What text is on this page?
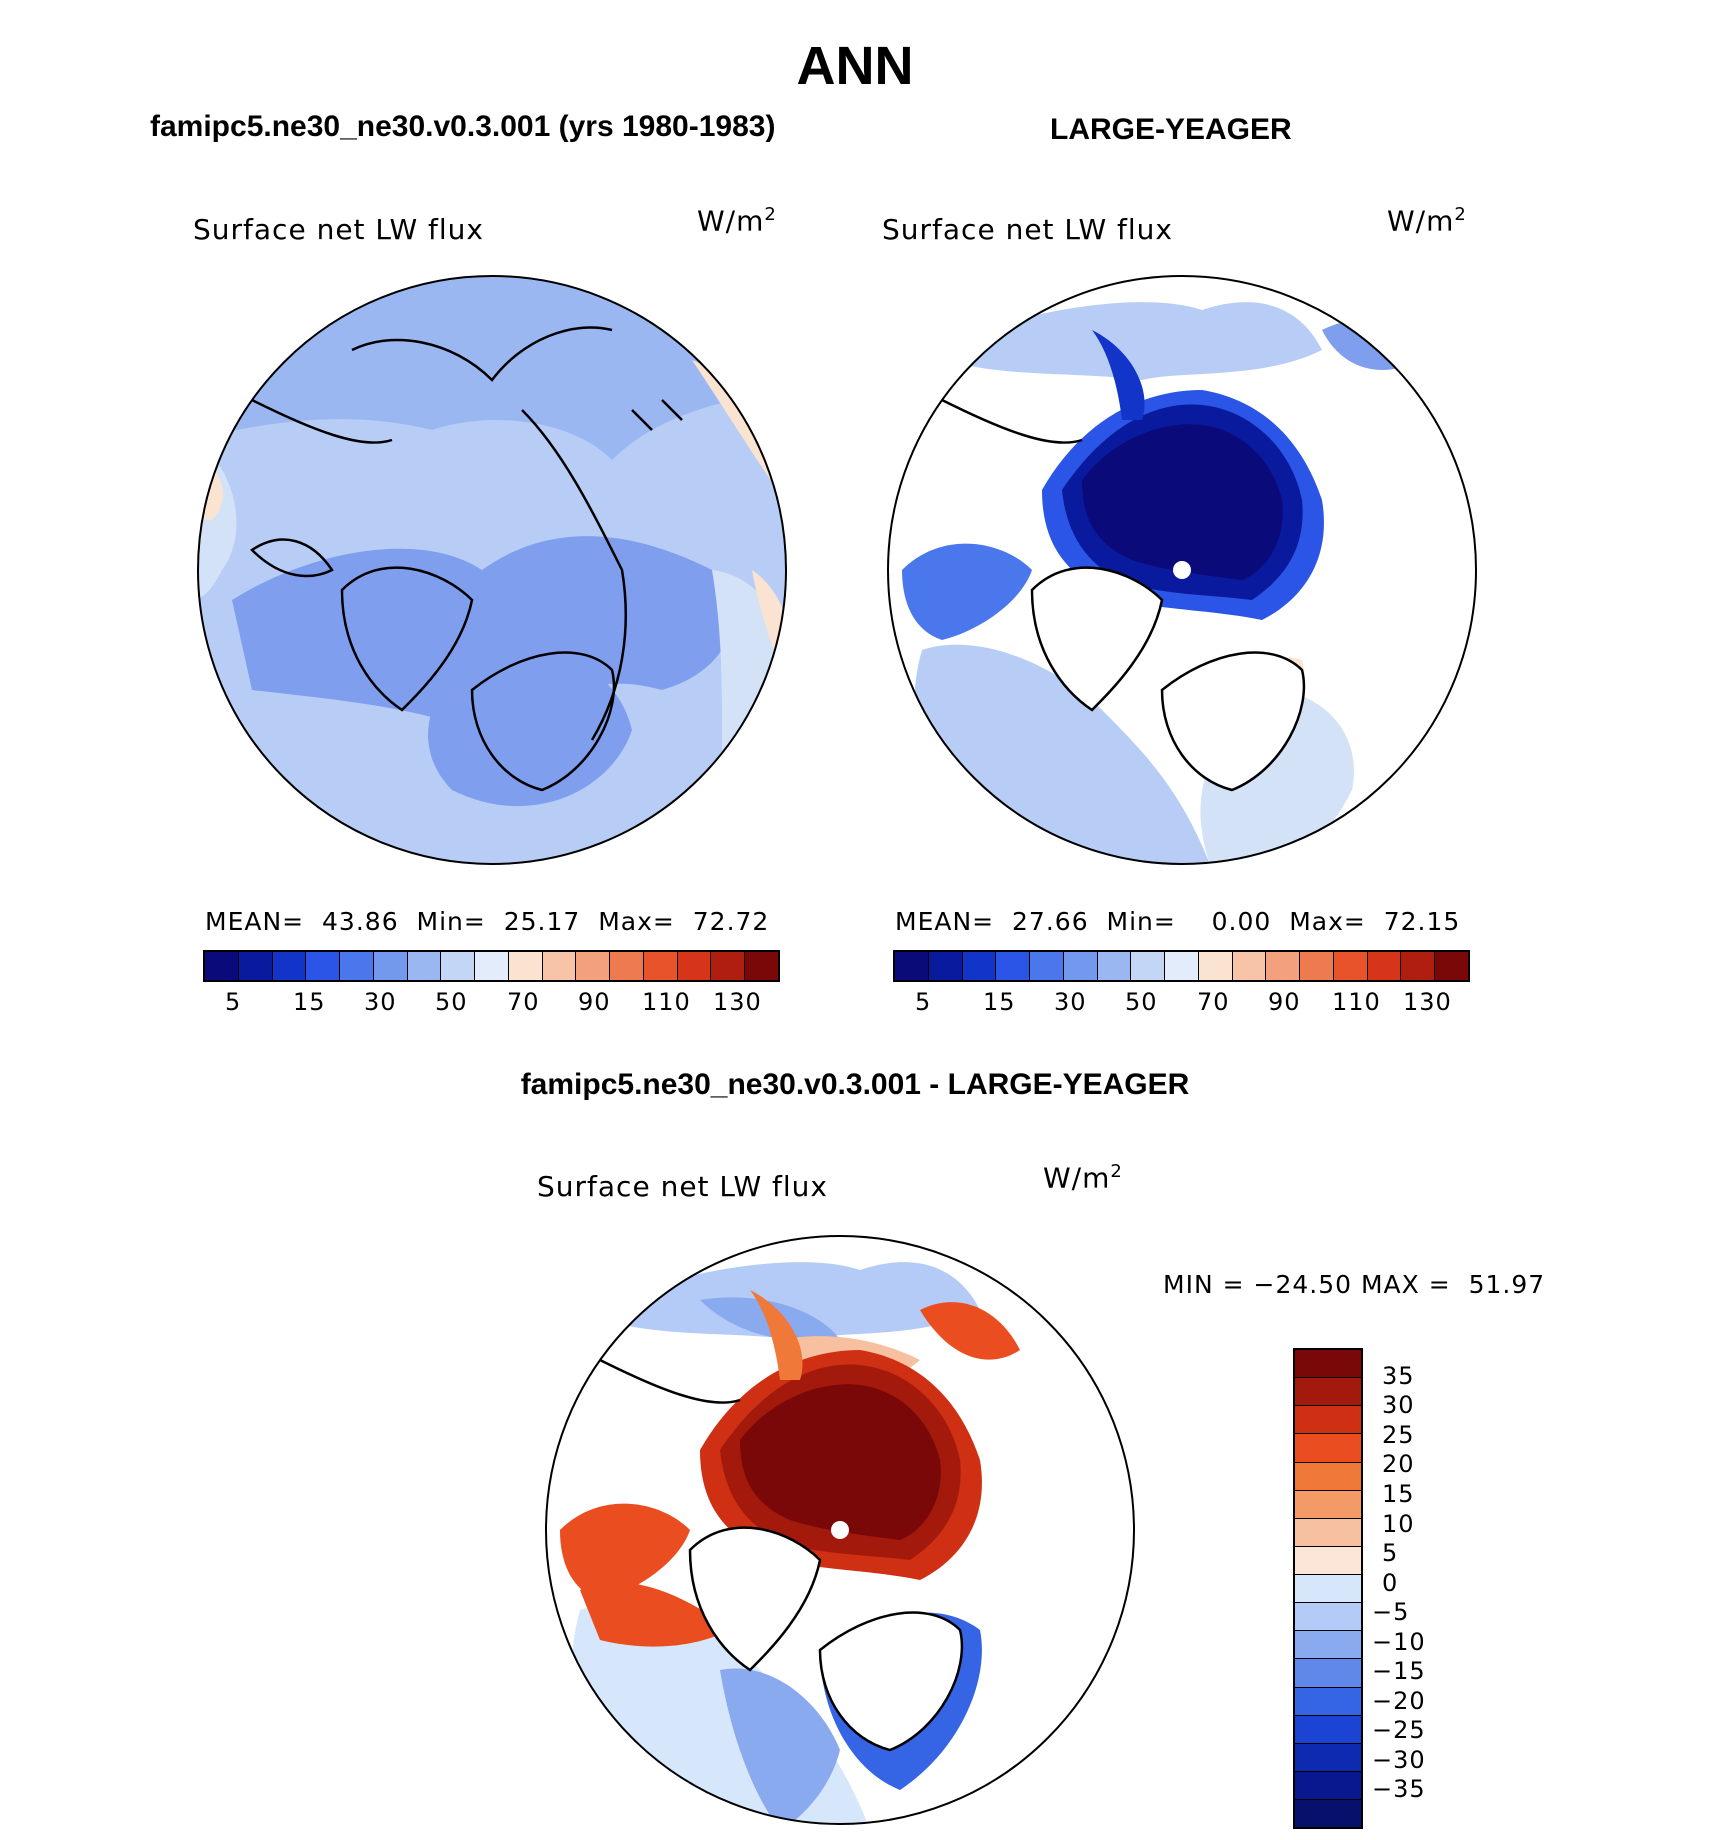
ANN
famipc5.ne30_ne30.v0.3.001 (yrs 1980-1983)	LARGE-YEAGER
famipc5.ne30_ne30.v0.3.001 - LARGE-YEAGER
Surface net LW flux	$W/m^2$
MEAN= 43.86 Min= 25.17 Max= 72.72
5 15 30 50 70 90 110 130
Surface net LW flux	$W/m^2$
MEAN= 27.66 Min= 0.00 Max= 72.15
5 15 30 50 70 90 110 130
Surface net LW flux	$W/m^2$
MIN = −24.50 MAX = 51.97
35
30
25
20
15
10
5
0
−5
−10
−15
−20
−25
−30
−35
